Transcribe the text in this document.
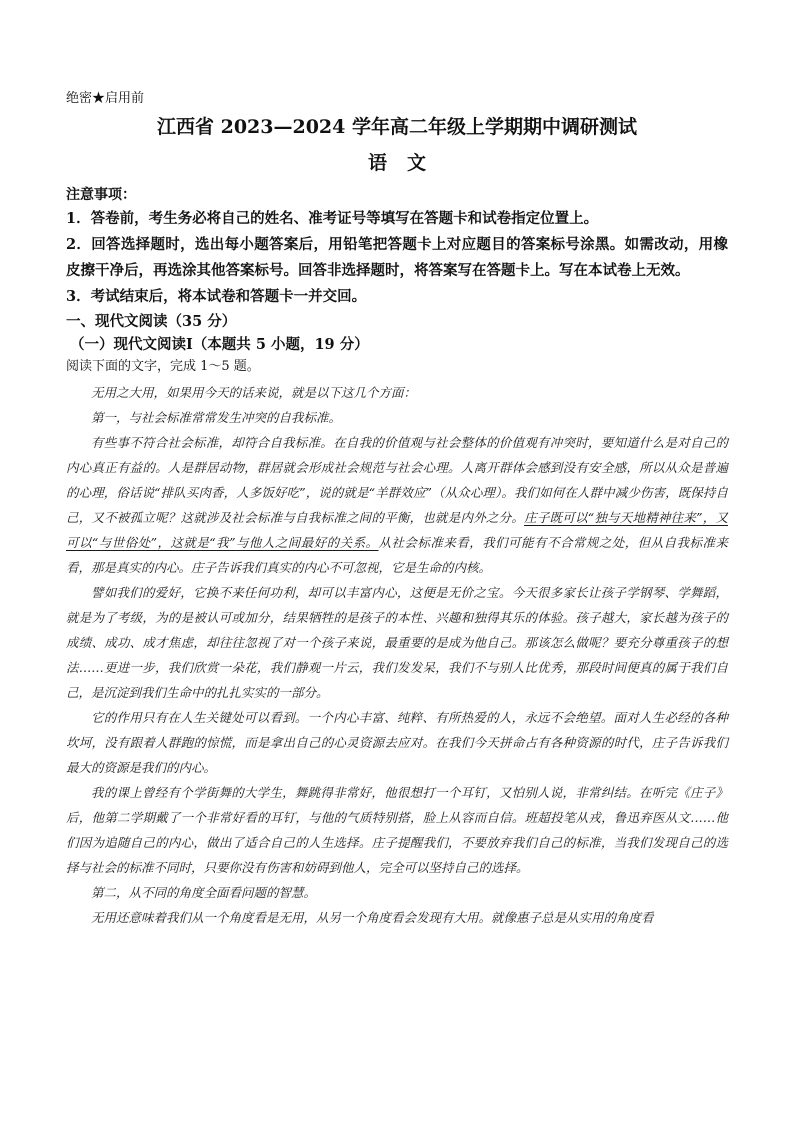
绝密★启用前

江西省 2023—2024 学年高二年级上学期期中调研测试

语文

注意事项：

1．答卷前，考生务必将自己的姓名、准考证号等填写在答题卡和试卷指定位置上。

2．回答选择题时，选出每小题答案后，用铅笔把答题卡上对应题目的答案标号涂黑。如需改动，用橡皮擦干净后，再选涂其他答案标号。回答非选择题时，将答案写在答题卡上。写在本试卷上无效。

3．考试结束后，将本试卷和答题卡一并交回。

一、现代文阅读（35 分）

（一）现代文阅读Ⅰ（本题共 5 小题，19 分）

阅读下面的文字，完成 1～5 题。

无用之大用，如果用今天的话来说，就是以下这几个方面：

第一，与社会标准常常发生冲突的自我标准。

有些事不符合社会标准，却符合自我标准。在自我的价值观与社会整体的价值观有冲突时，要知道什么是对自己的内心真正有益的。人是群居动物，群居就会形成社会规范与社会心理。人离开群体会感到没有安全感，所以从众是普遍的心理，俗话说“排队买肉香，人多饭好吃”，说的就是“羊群效应”（从众心理）。我们如何在人群中减少伤害，既保持自己，又不被孤立呢？这就涉及社会标准与自我标准之间的平衡，也就是内外之分。庄子既可以“独与天地精神往来”，又可以“与世俗处”，这就是“我”与他人之间最好的关系。从社会标准来看，我们可能有不合常规之处，但从自我标准来看，那是真实的内心。庄子告诉我们真实的内心不可忽视，它是生命的内核。

譬如我们的爱好，它换不来任何功利，却可以丰富内心，这便是无价之宝。今天很多家长让孩子学钢琴、学舞蹈，就是为了考级，为的是被认可或加分，结果牺牲的是孩子的本性、兴趣和独得其乐的体验。孩子越大，家长越为孩子的成绩、成功、成才焦虑，却往往忽视了对一个孩子来说，最重要的是成为他自己。那该怎么做呢？要充分尊重孩子的想法……更进一步，我们欣赏一朵花，我们静观一片云，我们发发呆，我们不与别人比优秀，那段时间便真的属于我们自己，是沉淀到我们生命中的扎扎实实的一部分。

它的作用只有在人生关键处可以看到。一个内心丰富、纯粹、有所热爱的人，永远不会绝望。面对人生必经的各种坎坷，没有跟着人群跑的惊慌，而是拿出自己的心灵资源去应对。在我们今天拼命占有各种资源的时代，庄子告诉我们最大的资源是我们的内心。

我的课上曾经有个学街舞的大学生，舞跳得非常好，他很想打一个耳钉，又怕别人说，非常纠结。在听完《庄子》后，他第二学期戴了一个非常好看的耳钉，与他的气质特别搭，脸上从容而自信。班超投笔从戎，鲁迅弃医从文……他们因为追随自己的内心，做出了适合自己的人生选择。庄子提醒我们，不要放弃我们自己的标准，当我们发现自己的选择与社会的标准不同时，只要你没有伤害和妨碍到他人，完全可以坚持自己的选择。

第二，从不同的角度全面看问题的智慧。

无用还意味着我们从一个角度看是无用，从另一个角度看会发现有大用。就像惠子总是从实用的角度看
